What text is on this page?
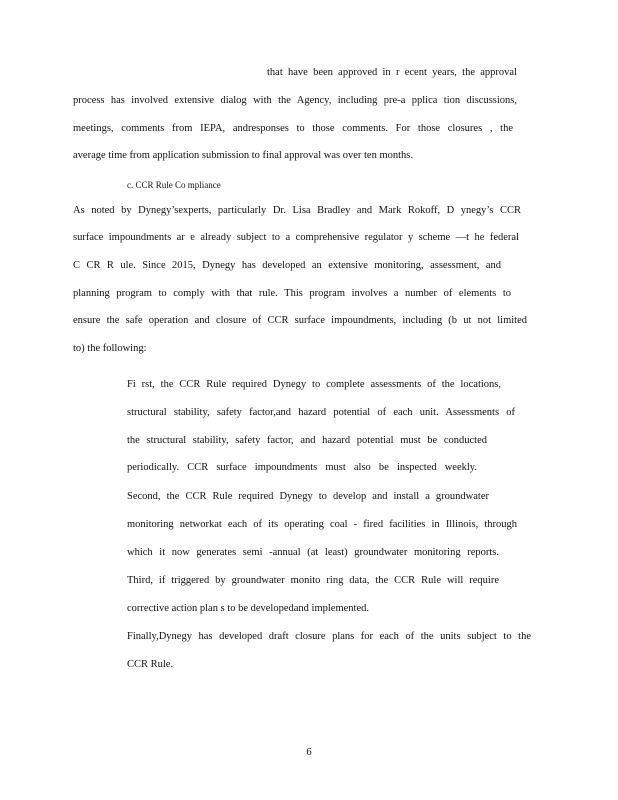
that have been approved in r ecent years, the approval
process has involved extensive dialog with the Agency, including pre-a pplica tion discussions,
meetings, comments from IEPA, andresponses to those comments. For those closures , the
average time from application submission to final approval was over ten months.
c. CCR Rule Co mpliance
As noted by Dynegy’sexperts, particularly Dr. Lisa Bradley and Mark Rokoff, D ynegy’s CCR
surface impoundments ar e already subject to a comprehensive regulator y scheme —t he federal
C CR R ule. Since 2015, Dynegy has developed an extensive monitoring, assessment, and
planning program to comply with that rule. This program involves a number of elements to
ensure the safe operation and closure of CCR surface impoundments, including (b ut not limited
to) the following:
Fi rst, the CCR Rule required Dynegy to complete assessments of the locations,
structural stability, safety factor,and hazard potential of each unit. Assessments of
the structural stability, safety factor, and hazard potential must be conducted
periodically. CCR surface impoundments must also be inspected weekly.
Second, the CCR Rule required Dynegy to develop and install a groundwater
monitoring networkat each of its operating coal - fired facilities in Illinois, through
which it now generates semi -annual (at least) groundwater monitoring reports.
Third, if triggered by groundwater monito ring data, the CCR Rule will require
corrective action plan s to be developedand implemented.
Finally,Dynegy has developed draft closure plans for each of the units subject to the
CCR Rule.
6
